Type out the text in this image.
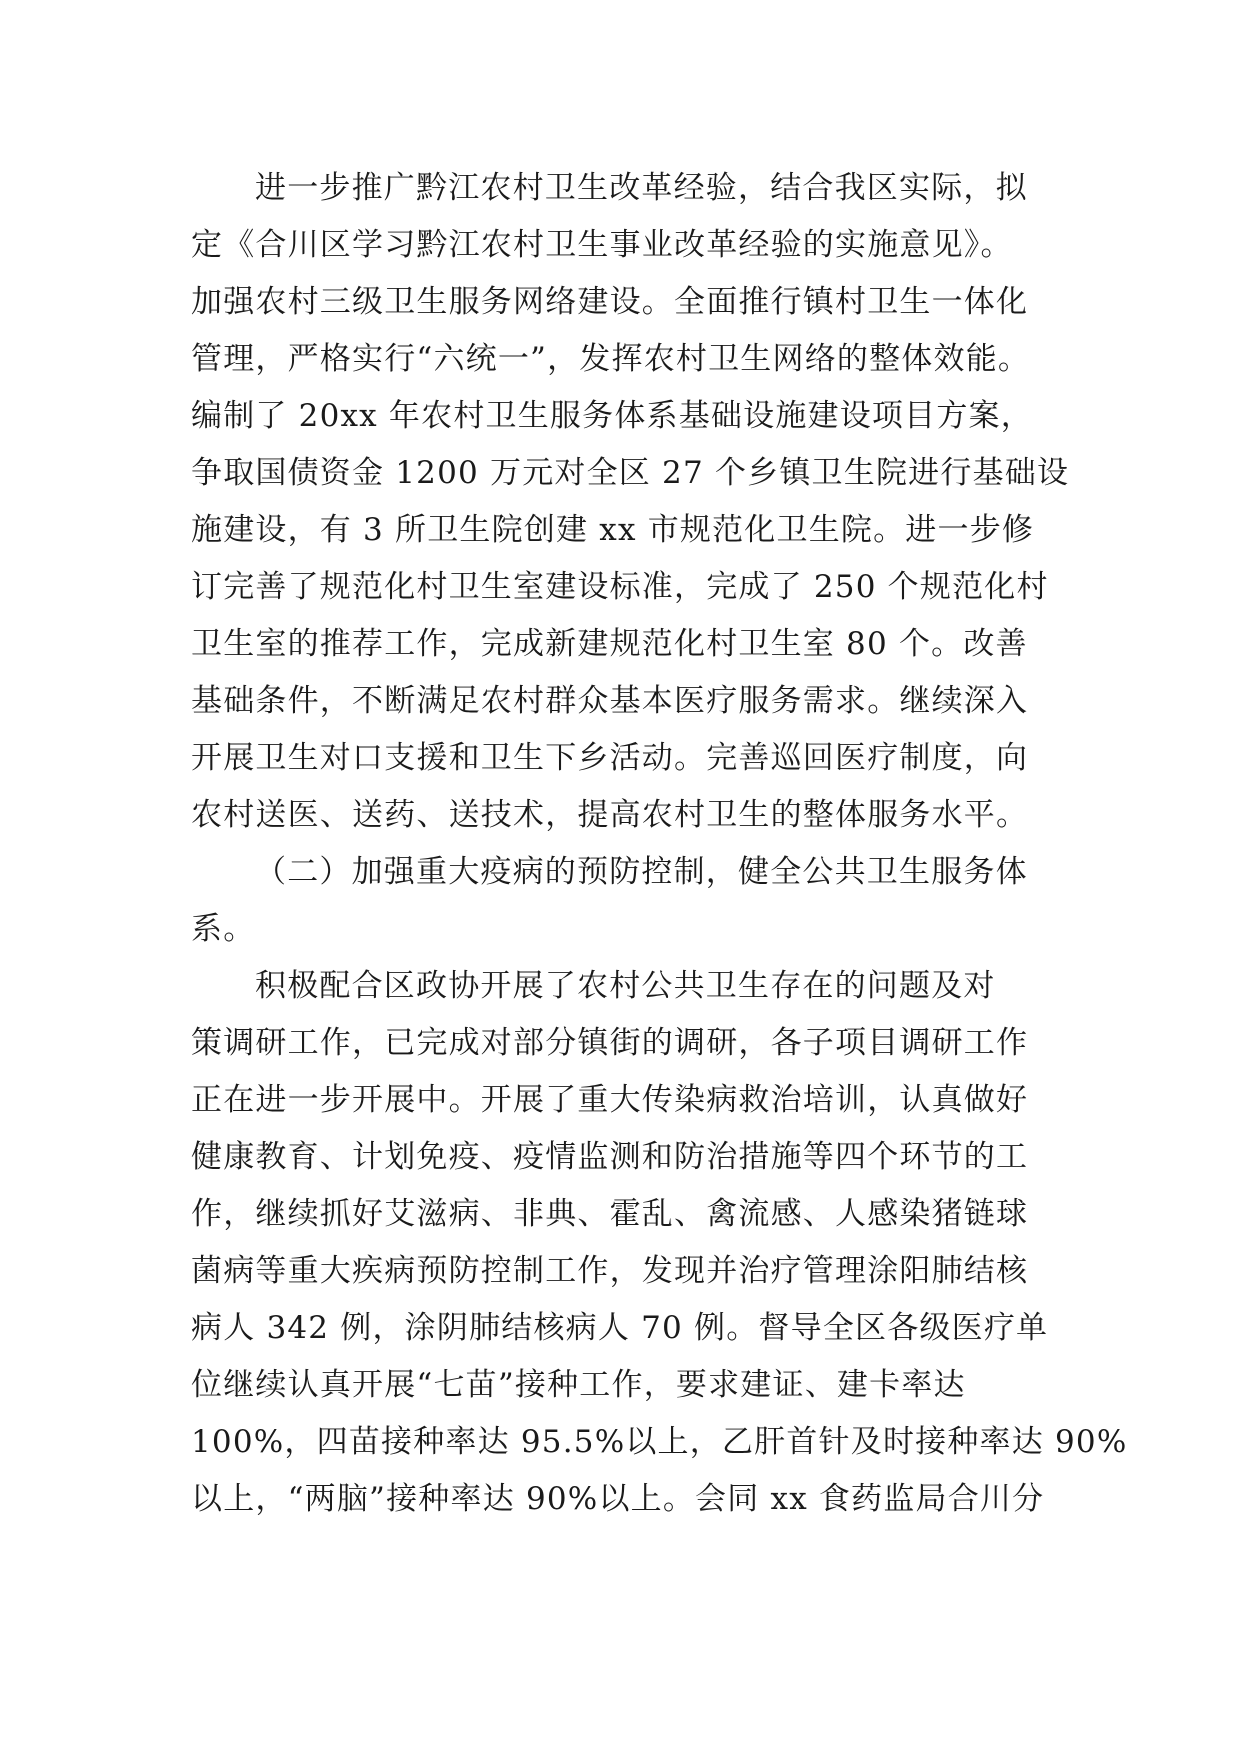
进一步推广黔江农村卫生改革经验，结合我区实际，拟
定《合川区学习黔江农村卫生事业改革经验的实施意见》。
加强农村三级卫生服务网络建设。全面推行镇村卫生一体化
管理，严格实行“六统一”，发挥农村卫生网络的整体效能。
编制了 20xx 年农村卫生服务体系基础设施建设项目方案，
争取国债资金 1200 万元对全区 27 个乡镇卫生院进行基础设
施建设，有 3 所卫生院创建 xx 市规范化卫生院。进一步修
订完善了规范化村卫生室建设标准，完成了 250 个规范化村
卫生室的推荐工作，完成新建规范化村卫生室 80 个。改善
基础条件，不断满足农村群众基本医疗服务需求。继续深入
开展卫生对口支援和卫生下乡活动。完善巡回医疗制度，向
农村送医、送药、送技术，提高农村卫生的整体服务水平。
（二）加强重大疫病的预防控制，健全公共卫生服务体
系。
积极配合区政协开展了农村公共卫生存在的问题及对
策调研工作，已完成对部分镇街的调研，各子项目调研工作
正在进一步开展中。开展了重大传染病救治培训，认真做好
健康教育、计划免疫、疫情监测和防治措施等四个环节的工
作，继续抓好艾滋病、非典、霍乱、禽流感、人感染猪链球
菌病等重大疾病预防控制工作，发现并治疗管理涂阳肺结核
病人 342 例，涂阴肺结核病人 70 例。督导全区各级医疗单
位继续认真开展“七苗”接种工作，要求建证、建卡率达
100%，四苗接种率达 95.5%以上，乙肝首针及时接种率达 90%
以上，“两脑”接种率达 90%以上。会同 xx 食药监局合川分
